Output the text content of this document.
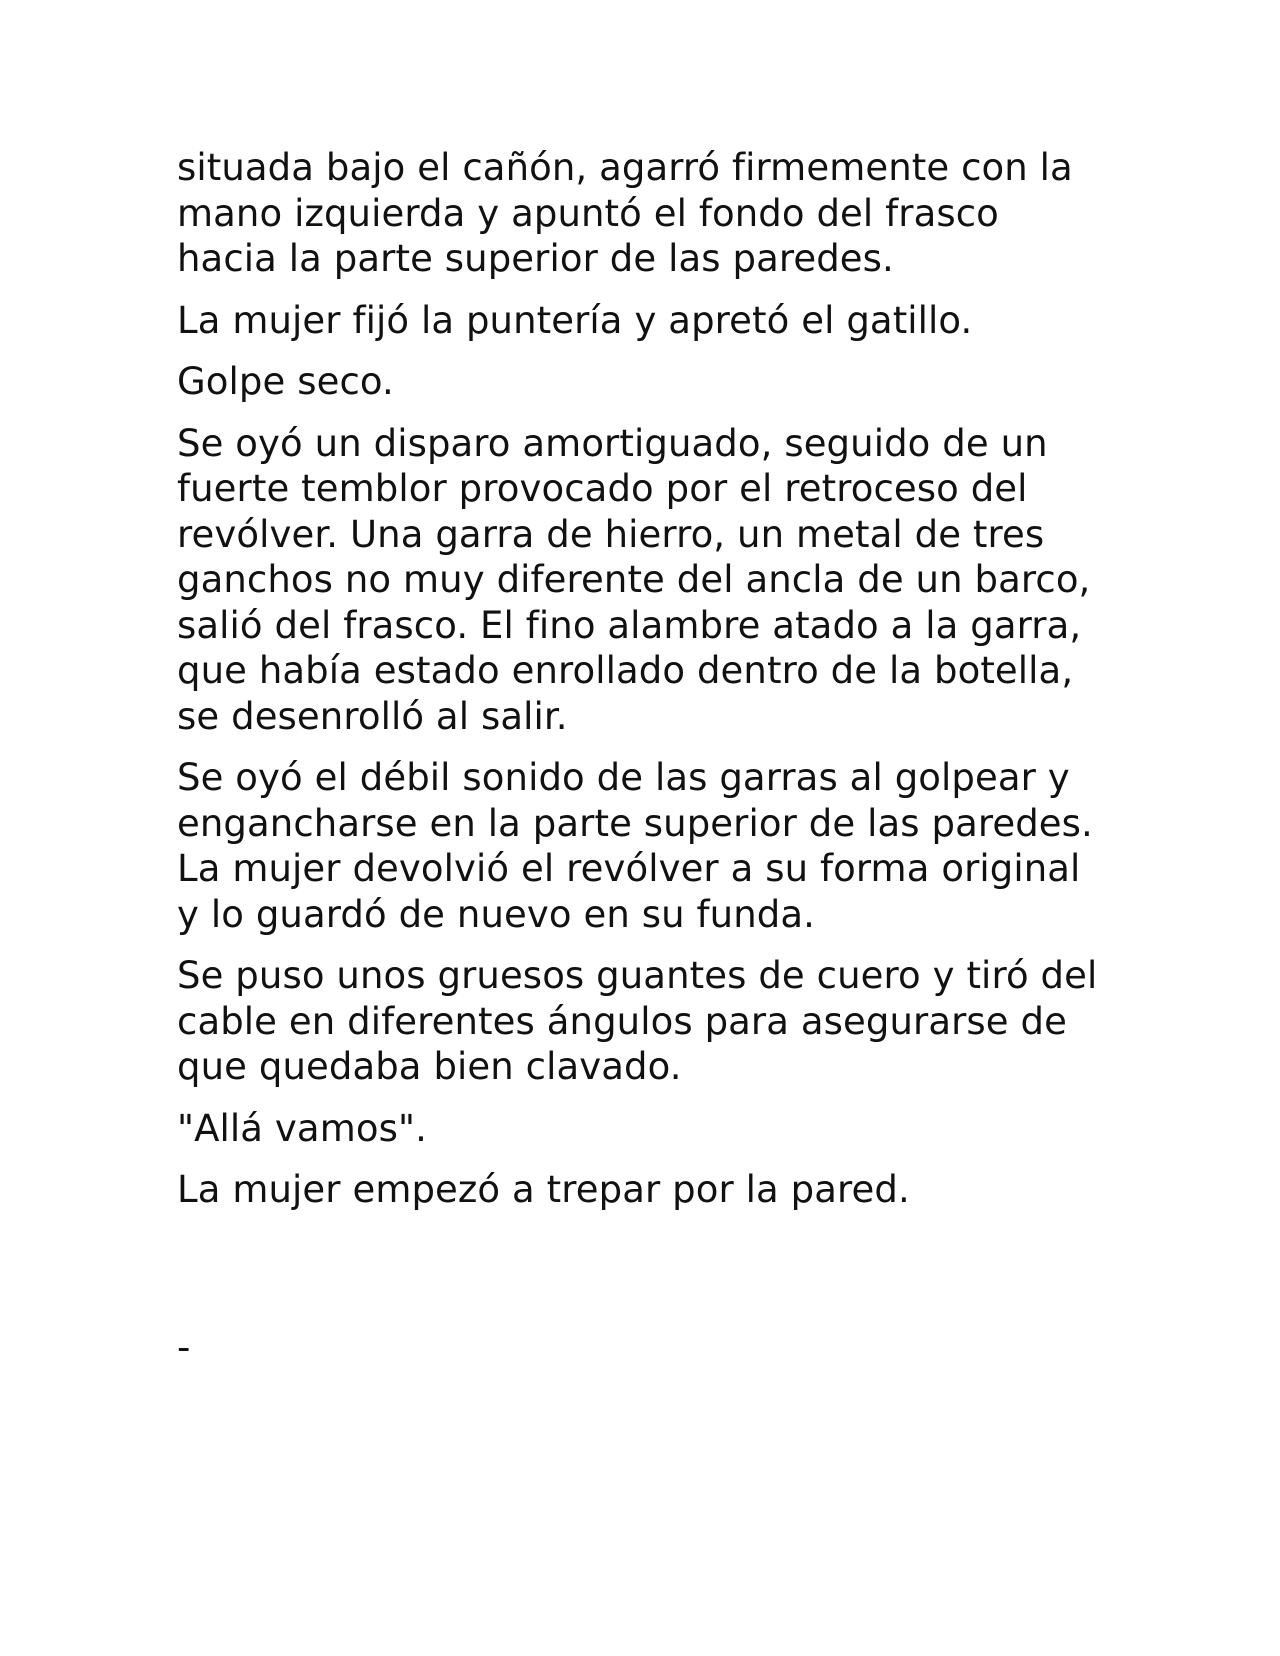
situada bajo el cañón, agarró firmemente con la mano izquierda y apuntó el fondo del frasco hacia la parte superior de las paredes.

La mujer fijó la puntería y apretó el gatillo.

Golpe seco.

Se oyó un disparo amortiguado, seguido de un fuerte temblor provocado por el retroceso del revólver. Una garra de hierro, un metal de tres ganchos no muy diferente del ancla de un barco, salió del frasco. El fino alambre atado a la garra, que había estado enrollado dentro de la botella, se desenrolló al salir.

Se oyó el débil sonido de las garras al golpear y engancharse en la parte superior de las paredes. La mujer devolvió el revólver a su forma original y lo guardó de nuevo en su funda.

Se puso unos gruesos guantes de cuero y tiró del cable en diferentes ángulos para asegurarse de que quedaba bien clavado.

"Allá vamos".

La mujer empezó a trepar por la pared.

-
